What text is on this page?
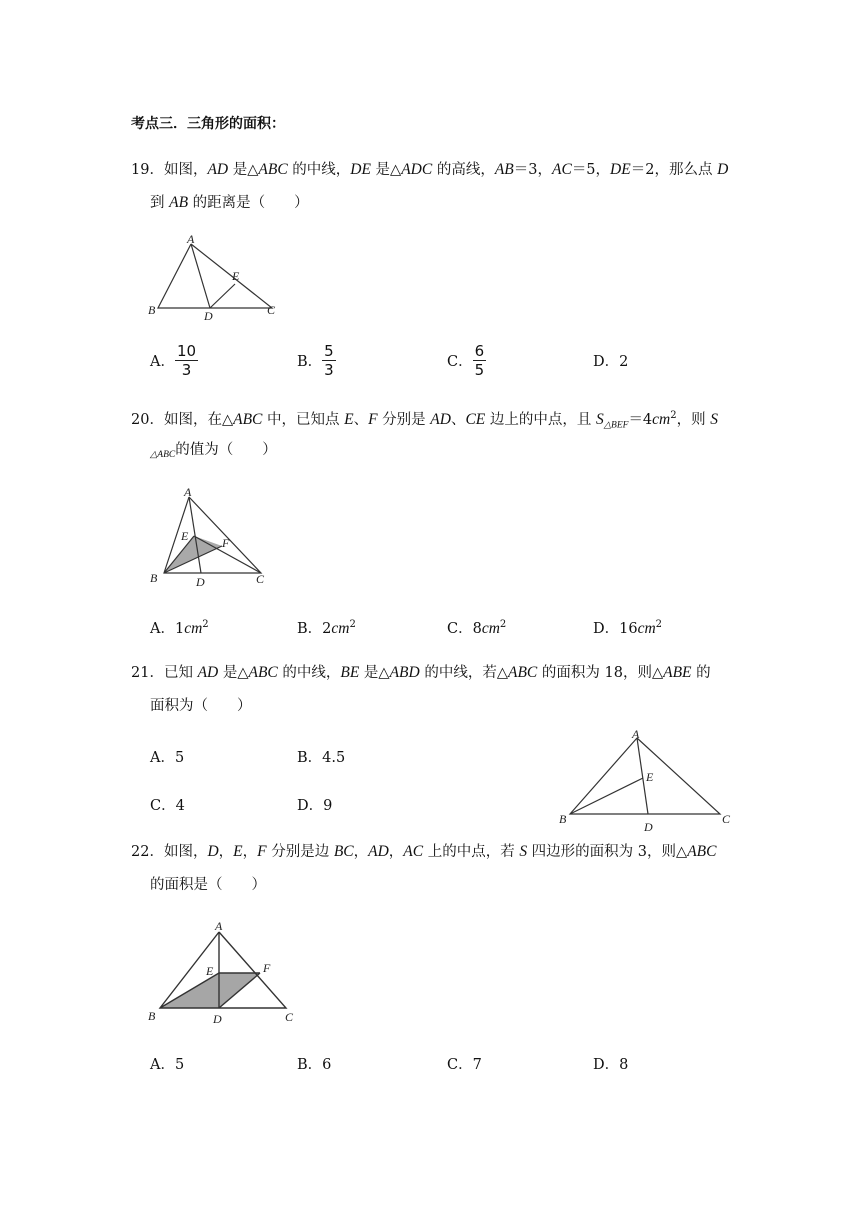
考点三．三角形的面积：
19．如图，AD 是△ABC 的中线，DE 是△ADC 的高线，AB＝3，AC＝5，DE＝2，那么点 D
到 AB 的距离是（　　）
A
B	C
D
E
A． $\frac{10}{3}$	B． $\frac{5}{3}$	C． $\frac{6}{5}$	D．2
20．如图，在△ABC 中，已知点 E、F 分别是 AD、CE 边上的中点，且 $S_{\triangle BEF}=4cm^2$，则 S
$_{\triangle ABC}$的值为（　　）
A
B	C
D
E	F
A．$1cm^2$	B．$2cm^2$	C．$8cm^2$	D．$16cm^2$
21．已知 AD 是△ABC 的中线，BE 是△ABD 的中线，若△ABC 的面积为 18，则△ABE 的
面积为（　　）
A．5	B．4.5
C．4	D．9
A
B	C
D
E
22．如图，D，E，F 分别是边 BC，AD，AC 上的中点，若 S 四边形的面积为 3，则△ABC
的面积是（　　）
A
B	C
D
E	F
A．5	B．6	C．7	D．8
